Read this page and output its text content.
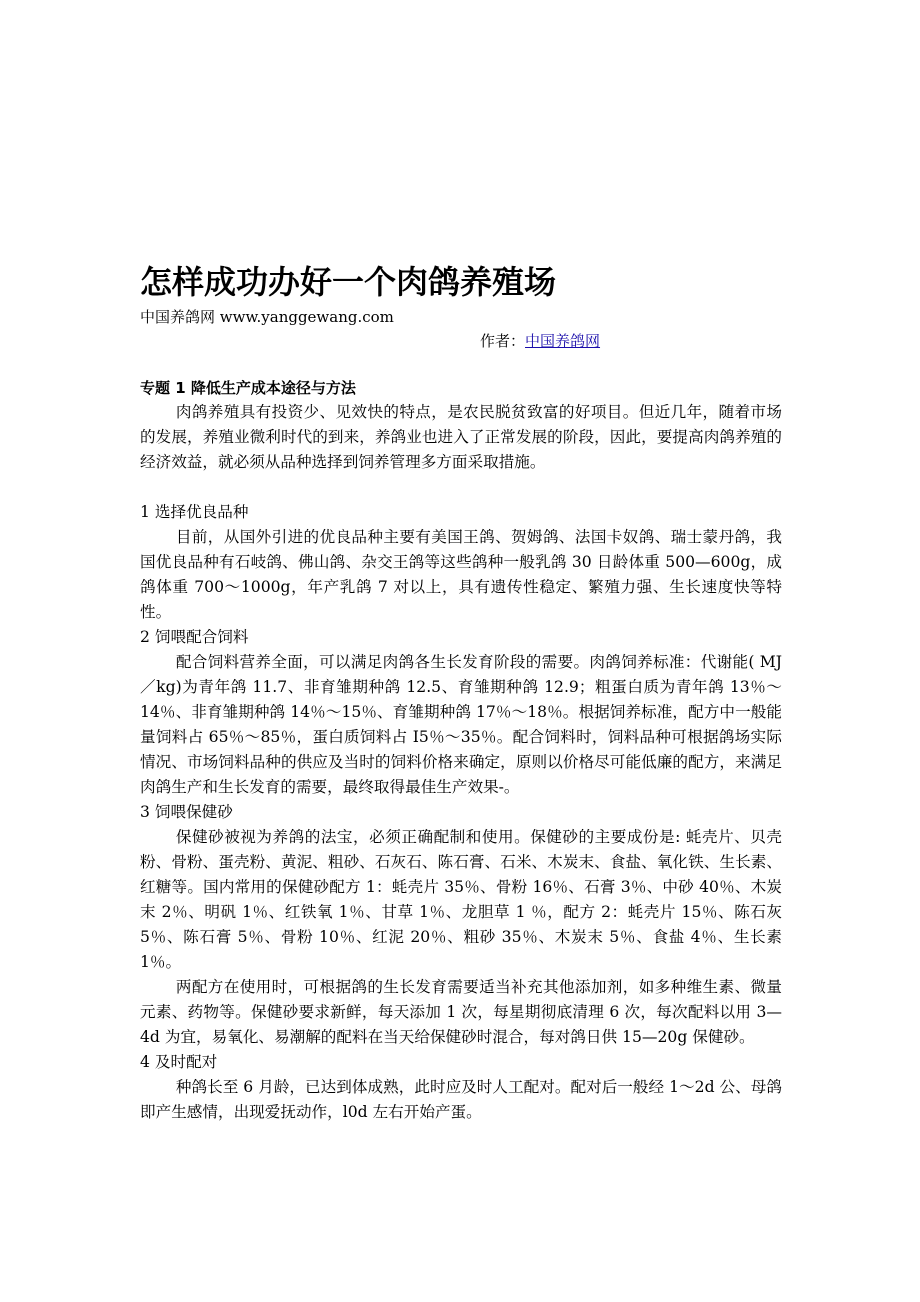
怎样成功办好一个肉鸽养殖场
中国养鸽网 www.yanggewang.com
作者：中国养鸽网
专题 1 降低生产成本途径与方法

肉鸽养殖具有投资少、见效快的特点，是农民脱贫致富的好项目。但近几年，随着市场的发展，养殖业微利时代的到来，养鸽业也进入了正常发展的阶段，因此，要提高肉鸽养殖的经济效益，就必须从品种选择到饲养管理多方面采取措施。

1 选择优良品种

目前，从国外引进的优良品种主要有美国王鸽、贺姆鸽、法国卡奴鸽、瑞士蒙丹鸽，我国优良品种有石岐鸽、佛山鸽、杂交王鸽等这些鸽种一般乳鸽 30 日龄体重 500—600g，成鸽体重 700～1000g，年产乳鸽 7 对以上，具有遗传性稳定、繁殖力强、生长速度快等特性。

2 饲喂配合饲料

配合饲料营养全面，可以满足肉鸽各生长发育阶段的需要。肉鸽饲养标准：代谢能( MJ／kg)为青年鸽 11.7、非育雏期种鸽 12.5、育雏期种鸽 12.9；粗蛋白质为青年鸽 13％～14％、非育雏期种鸽 14％～15％、育雏期种鸽 17％～18％。根据饲养标准，配方中一般能量饲料占 65％～85％，蛋白质饲料占 I5％～35％。配合饲料时，饲料品种可根据鸽场实际情况、市场饲料品种的供应及当时的饲料价格来确定，原则以价格尽可能低廉的配方，来满足肉鸽生产和生长发育的需要，最终取得最佳生产效果-。

3 饲喂保健砂

保健砂被视为养鸽的法宝，必须正确配制和使用。保健砂的主要成份是: 蚝壳片、贝壳粉、骨粉、蛋壳粉、黄泥、粗砂、石灰石、陈石膏、石米、木炭末、食盐、氧化铁、生长素、红糖等。国内常用的保健砂配方 1：蚝壳片 35％、骨粉 16％、石膏 3％、中砂 40％、木炭末 2％、明矾 1％、红铁氧 1％、甘草 1％、龙胆草 1 ％，配方 2：蚝壳片 15％、陈石灰 5％、陈石膏 5％、骨粉 10％、红泥 20％、粗砂 35％、木炭末 5％、食盐 4％、生长素 1％。

两配方在使用时，可根据鸽的生长发育需要适当补充其他添加剂，如多种维生素、微量元素、药物等。保健砂要求新鲜，每天添加 1 次，每星期彻底清理 6 次，每次配料以用 3— 4d 为宜，易氧化、易潮解的配料在当天给保健砂时混合，每对鸽日供 15—20g 保健砂。

4 及时配对

种鸽长至 6 月龄，已达到体成熟，此时应及时人工配对。配对后一般经 1～2d 公、母鸽即产生感情，出现爱抚动作，l0d 左右开始产蛋。
